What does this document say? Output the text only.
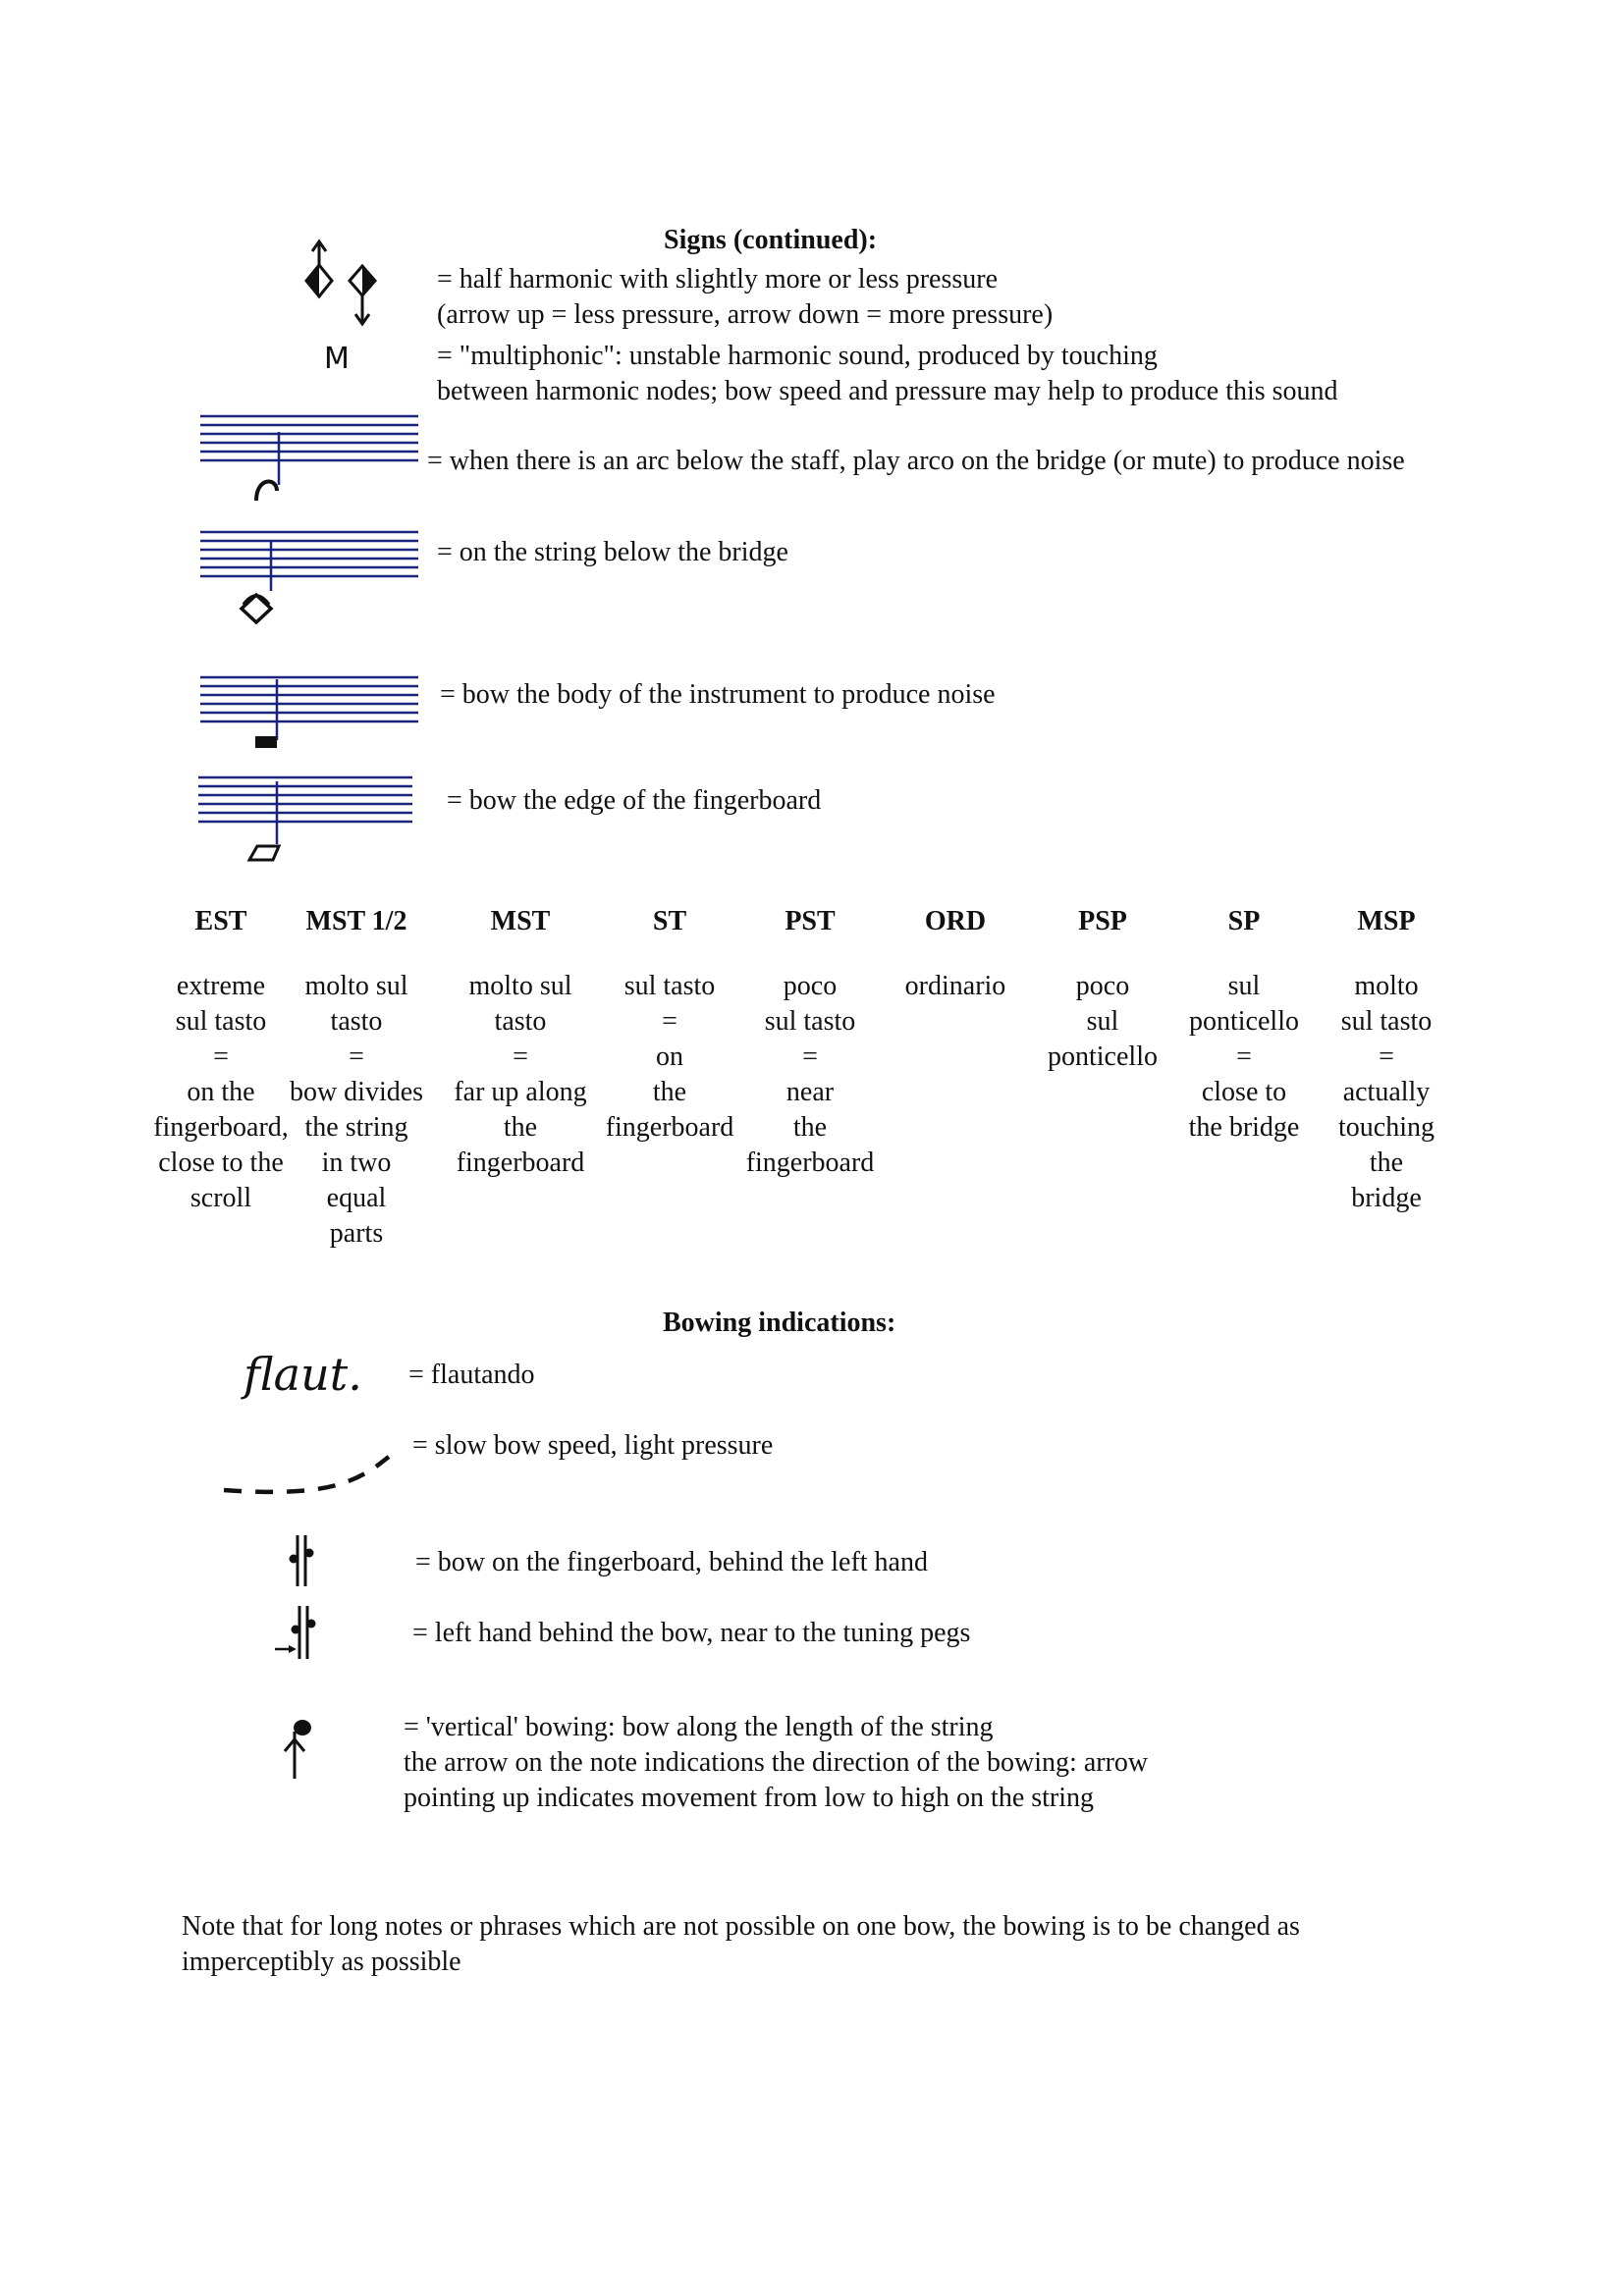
Signs (continued):
= half harmonic with slightly more or less pressure
(arrow up = less pressure, arrow down = more pressure)
M	= "multiphonic": unstable harmonic sound, produced by touching
between harmonic nodes; bow speed and pressure may help to produce this sound
= when there is an arc below the staff, play arco on the bridge (or mute) to produce noise
= on the string below the bridge
= bow the body of the instrument to produce noise
= bow the edge of the fingerboard
EST
extreme
sul tasto
=
on the
fingerboard,
close to the
scroll
MST 1/2
molto sul
tasto
=
bow divides
the string
in two
equal
parts
MST
molto sul
tasto
=
far up along
the
fingerboard
ST
sul tasto
=
on
the
fingerboard
PST
poco
sul tasto
=
near
the
fingerboard
ORD
ordinario
PSP
poco
sul
ponticello
SP
sul
ponticello
=
close to
the bridge
MSP
molto
sul tasto
=
actually
touching
the
bridge
Bowing indications:
flaut. = flautando
= slow bow speed, light pressure
= bow on the fingerboard, behind the left hand
= left hand behind the bow, near to the tuning pegs
= 'vertical' bowing: bow along the length of the string
the arrow on the note indications the direction of the bowing: arrow
pointing up indicates movement from low to high on the string
Note that for long notes or phrases which are not possible on one bow, the bowing is to be changed as
imperceptibly as possible
